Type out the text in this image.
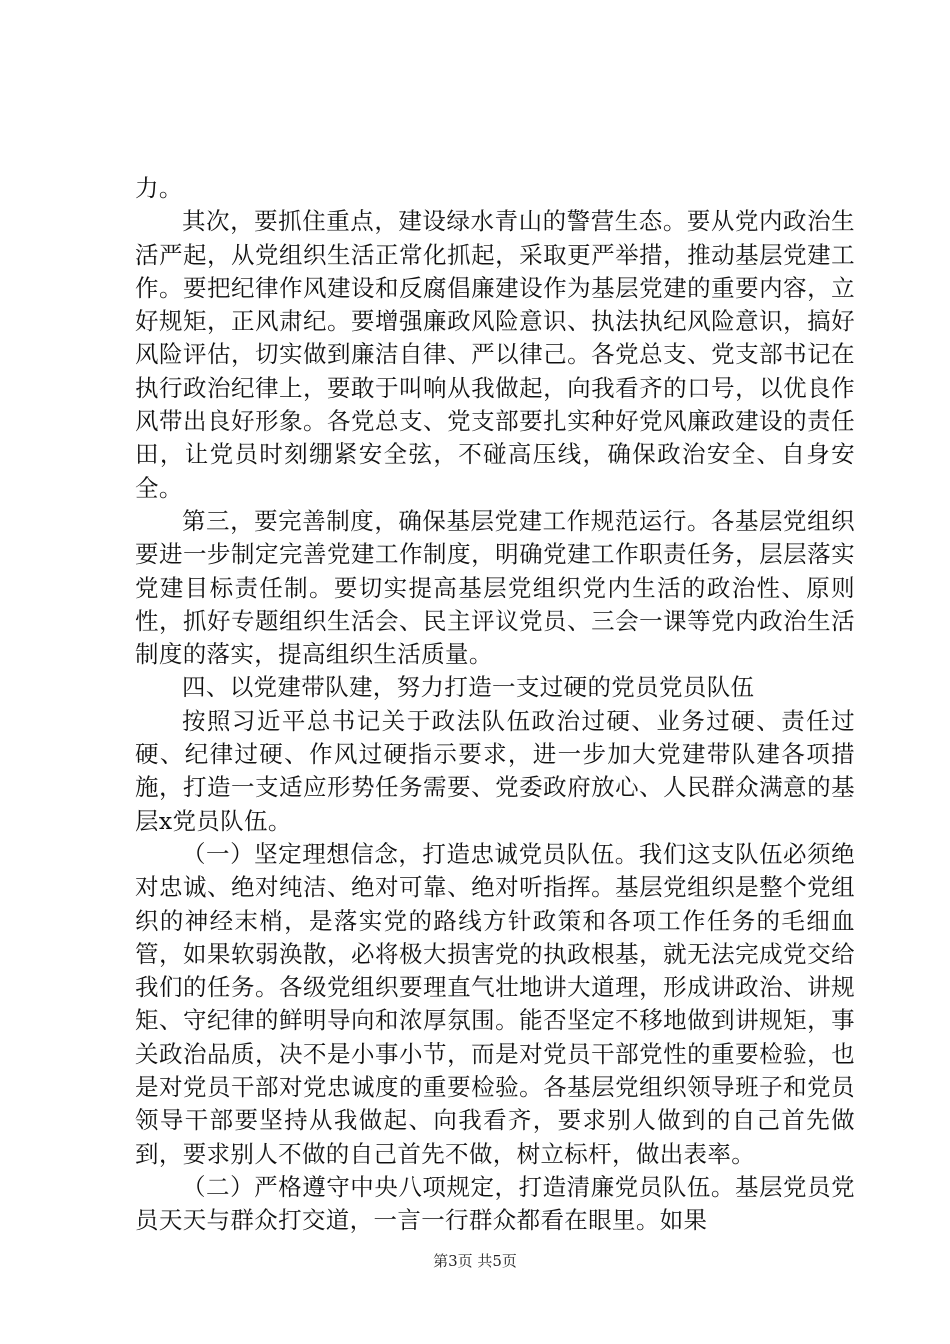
力。

其次，要抓住重点，建设绿水青山的警营生态。要从党内政治生活严起，从党组织生活正常化抓起，采取更严举措，推动基层党建工作。要把纪律作风建设和反腐倡廉建设作为基层党建的重要内容，立好规矩，正风肃纪。要增强廉政风险意识、执法执纪风险意识，搞好风险评估，切实做到廉洁自律、严以律己。各党总支、党支部书记在执行政治纪律上，要敢于叫响从我做起，向我看齐的口号，以优良作风带出良好形象。各党总支、党支部要扎实种好党风廉政建设的责任田，让党员时刻绷紧安全弦，不碰高压线，确保政治安全、自身安全。

第三，要完善制度，确保基层党建工作规范运行。各基层党组织要进一步制定完善党建工作制度，明确党建工作职责任务，层层落实党建目标责任制。要切实提高基层党组织党内生活的政治性、原则性，抓好专题组织生活会、民主评议党员、三会一课等党内政治生活制度的落实，提高组织生活质量。

四、以党建带队建，努力打造一支过硬的党员党员队伍

按照习近平总书记关于政法队伍政治过硬、业务过硬、责任过硬、纪律过硬、作风过硬指示要求，进一步加大党建带队建各项措施，打造一支适应形势任务需要、党委政府放心、人民群众满意的基层x党员队伍。

（一）坚定理想信念，打造忠诚党员队伍。我们这支队伍必须绝对忠诚、绝对纯洁、绝对可靠、绝对听指挥。基层党组织是整个党组织的神经末梢，是落实党的路线方针政策和各项工作任务的毛细血管，如果软弱涣散，必将极大损害党的执政根基，就无法完成党交给我们的任务。各级党组织要理直气壮地讲大道理，形成讲政治、讲规矩、守纪律的鲜明导向和浓厚氛围。能否坚定不移地做到讲规矩，事关政治品质，决不是小事小节，而是对党员干部党性的重要检验，也是对党员干部对党忠诚度的重要检验。各基层党组织领导班子和党员领导干部要坚持从我做起、向我看齐，要求别人做到的自己首先做到，要求别人不做的自己首先不做，树立标杆，做出表率。

（二）严格遵守中央八项规定，打造清廉党员队伍。基层党员党员天天与群众打交道，一言一行群众都看在眼里。如果

第3页 共5页
